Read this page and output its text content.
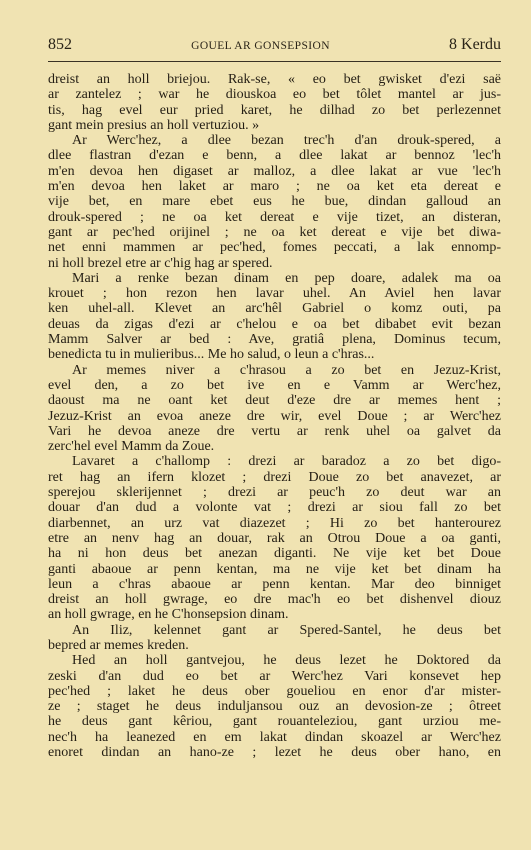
852	GOUEL AR GONSEPSION	8 Kerdu
dreist an holl briejou. Rak-se, « eo bet gwisket d'ezi saë
ar zantelez ; war he diouskoa eo bet tôlet mantel ar jus-
tis, hag evel eur pried karet, he dilhad zo bet perlezennet
gant mein presius an holl vertuziou. »
Ar Werc'hez, a dlee bezan trec'h d'an drouk-spered, a
dlee flastran d'ezan e benn, a dlee lakat ar bennoz 'lec'h
m'en devoa hen digaset ar malloz, a dlee lakat ar vue 'lec'h
m'en devoa hen laket ar maro ; ne oa ket eta dereat e
vije bet, en mare ebet eus he bue, dindan galloud an
drouk-spered ; ne oa ket dereat e vije tizet, an disteran,
gant ar pec'hed orijinel ; ne oa ket dereat e vije bet diwa-
net enni mammen ar pec'hed, fomes peccati, a lak ennomp-
ni holl brezel etre ar c'hig hag ar spered.
Mari a renke bezan dinam en pep doare, adalek ma oa
krouet ; hon rezon hen lavar uhel. An Aviel hen lavar
ken uhel-all. Klevet an arc'hêl Gabriel o komz outi, pa
deuas da zigas d'ezi ar c'helou e oa bet dibabet evit bezan
Mamm Salver ar bed : Ave, gratiâ plena, Dominus tecum,
benedicta tu in mulieribus... Me ho salud, o leun a c'hras...
Ar memes niver a c'hrasou a zo bet en Jezuz-Krist,
evel den, a zo bet ive en e Vamm ar Werc'hez,
daoust ma ne oant ket deut d'eze dre ar memes hent ;
Jezuz-Krist an evoa aneze dre wir, evel Doue ; ar Werc'hez
Vari he devoa aneze dre vertu ar renk uhel oa galvet da
zerc'hel evel Mamm da Zoue.
Lavaret a c'hallomp : drezi ar baradoz a zo bet digo-
ret hag an ifern klozet ; drezi Doue zo bet anavezet, ar
sperejou sklerijennet ; drezi ar peuc'h zo deut war an
douar d'an dud a volonte vat ; drezi ar siou fall zo bet
diarbennet, an urz vat diazezet ; Hi zo bet hanterourez
etre an nenv hag an douar, rak an Otrou Doue a oa ganti,
ha ni hon deus bet anezan diganti. Ne vije ket bet Doue
ganti abaoue ar penn kentan, ma ne vije ket bet dinam ha
leun a c'hras abaoue ar penn kentan. Mar deo binniget
dreist an holl gwrage, eo dre mac'h eo bet dishenvel diouz
an holl gwrage, en he C'honsepsion dinam.
An Iliz, kelennet gant ar Spered-Santel, he deus bet
bepred ar memes kreden.
Hed an holl gantvejou, he deus lezet he Doktored da
zeski d'an dud eo bet ar Werc'hez Vari konsevet hep
pec'hed ; laket he deus ober goueliou en enor d'ar mister-
ze ; staget he deus induljansou ouz an devosion-ze ; ôtreet
he deus gant kêriou, gant rouanteleziou, gant urziou me-
nec'h ha leanezed en em lakat dindan skoazel ar Werc'hez
enoret dindan an hano-ze ; lezet he deus ober hano, en
